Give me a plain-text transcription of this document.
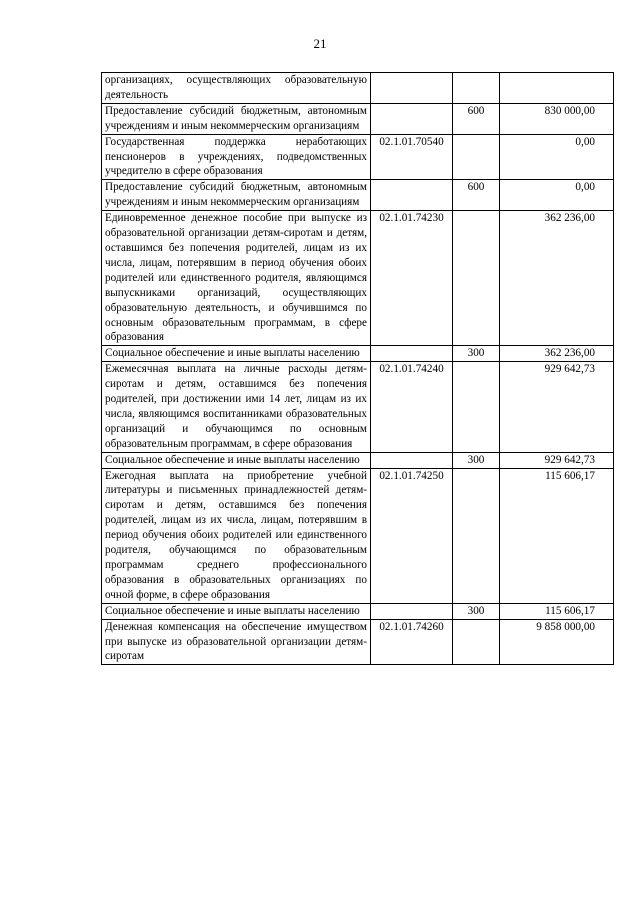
21
организациях, осуществляющих образовательную деятельность			
Предоставление субсидий бюджетным, автономным учреждениям и иным некоммерческим организациям		600	830 000,00
Государственная поддержка неработающих пенсионеров в учреждениях, подведомственных учредителю в сфере образования	02.1.01.70540		0,00
Предоставление субсидий бюджетным, автономным учреждениям и иным некоммерческим организациям		600	0,00
Единовременное денежное пособие при выпуске из образовательной организации детям-сиротам и детям, оставшимся без попечения родителей, лицам из их числа, лицам, потерявшим в период обучения обоих родителей или единственного родителя, являющимся выпускниками организаций, осуществляющих образовательную деятельность, и обучившимся по основным образовательным программам, в сфере образования	02.1.01.74230		362 236,00
Социальное обеспечение и иные выплаты населению		300	362 236,00
Ежемесячная выплата на личные расходы детям-сиротам и детям, оставшимся без попечения родителей, при достижении ими 14 лет, лицам из их числа, являющимся воспитанниками образовательных организаций и обучающимся по основным образовательным программам, в сфере образования	02.1.01.74240		929 642,73
Социальное обеспечение и иные выплаты населению		300	929 642,73
Ежегодная выплата на приобретение учебной литературы и письменных принадлежностей детям-сиротам и детям, оставшимся без попечения родителей, лицам из их числа, лицам, потерявшим в период обучения обоих родителей или единственного родителя, обучающимся по образовательным программам среднего профессионального образования в образовательных организациях по очной форме, в сфере образования	02.1.01.74250		115 606,17
Социальное обеспечение и иные выплаты населению		300	115 606,17
Денежная компенсация на обеспечение имуществом при выпуске из образовательной организации детям-сиротам	02.1.01.74260		9 858 000,00
